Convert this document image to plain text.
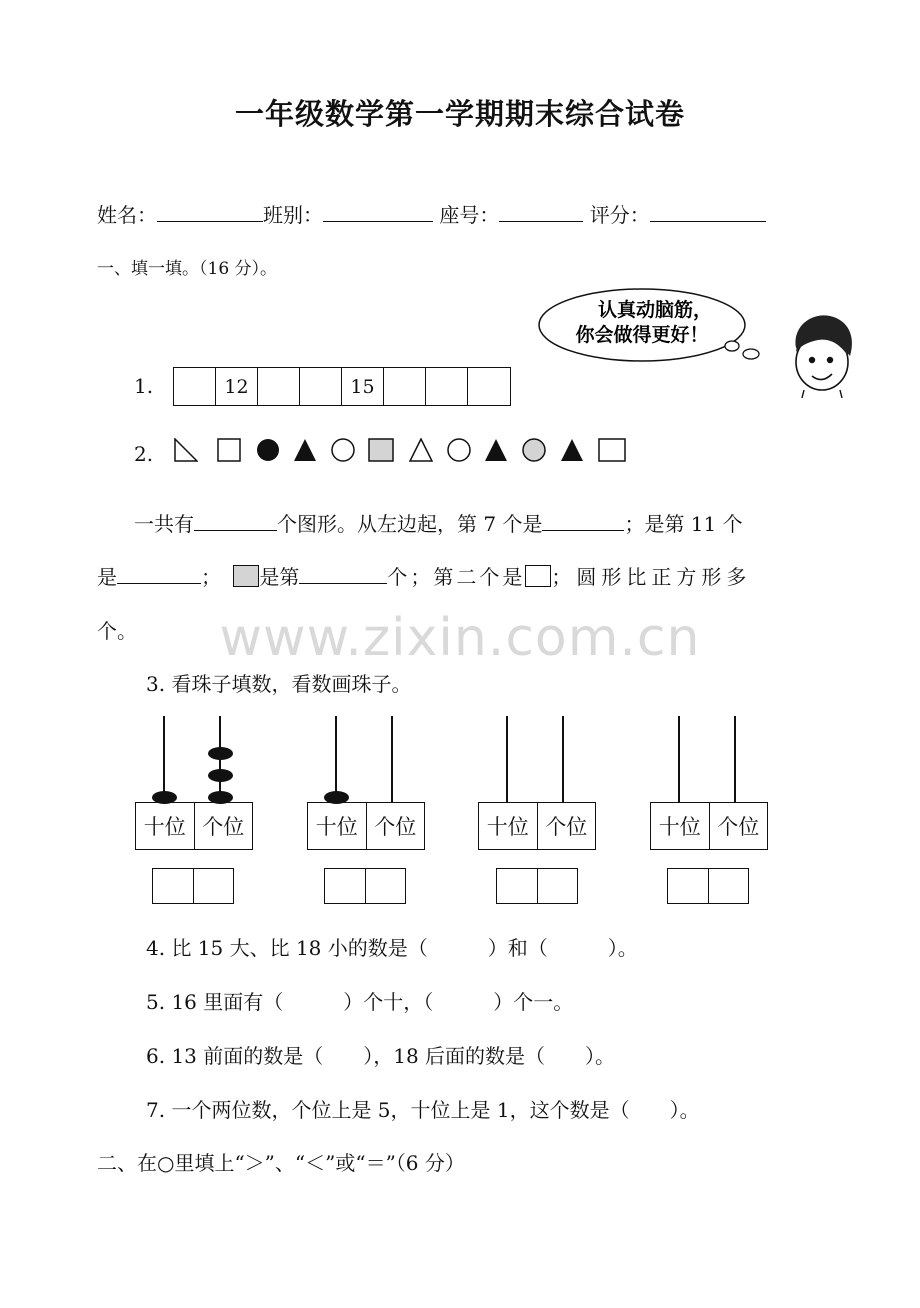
一年级数学第一学期期末综合试卷
姓名：	班别：	座号：	评分：
一、填一填。（16 分）。
认真动脑筋，
你会做得更好！
1.	12	15
2.
一共有	个图形。从左边起，第 7 个是	；是第 11 个
是	； 是第	个；第二个是 ；圆形比正方形多
个。	www.zixin.com.cn
3. 看珠子填数，看数画珠子。
十位 个位	十位 个位	十位 个位	十位 个位
4. 比 15 大、比 18 小的数是（　　　）和（　　　）。
5. 16 里面有（　　　）个十，（　　　）个一。
6. 13 前面的数是（　　），18 后面的数是（　　）。
7. 一个两位数，个位上是 5，十位上是 1，这个数是（　　）。
二、在○里填上“＞”、“＜”或“＝”（6 分）
